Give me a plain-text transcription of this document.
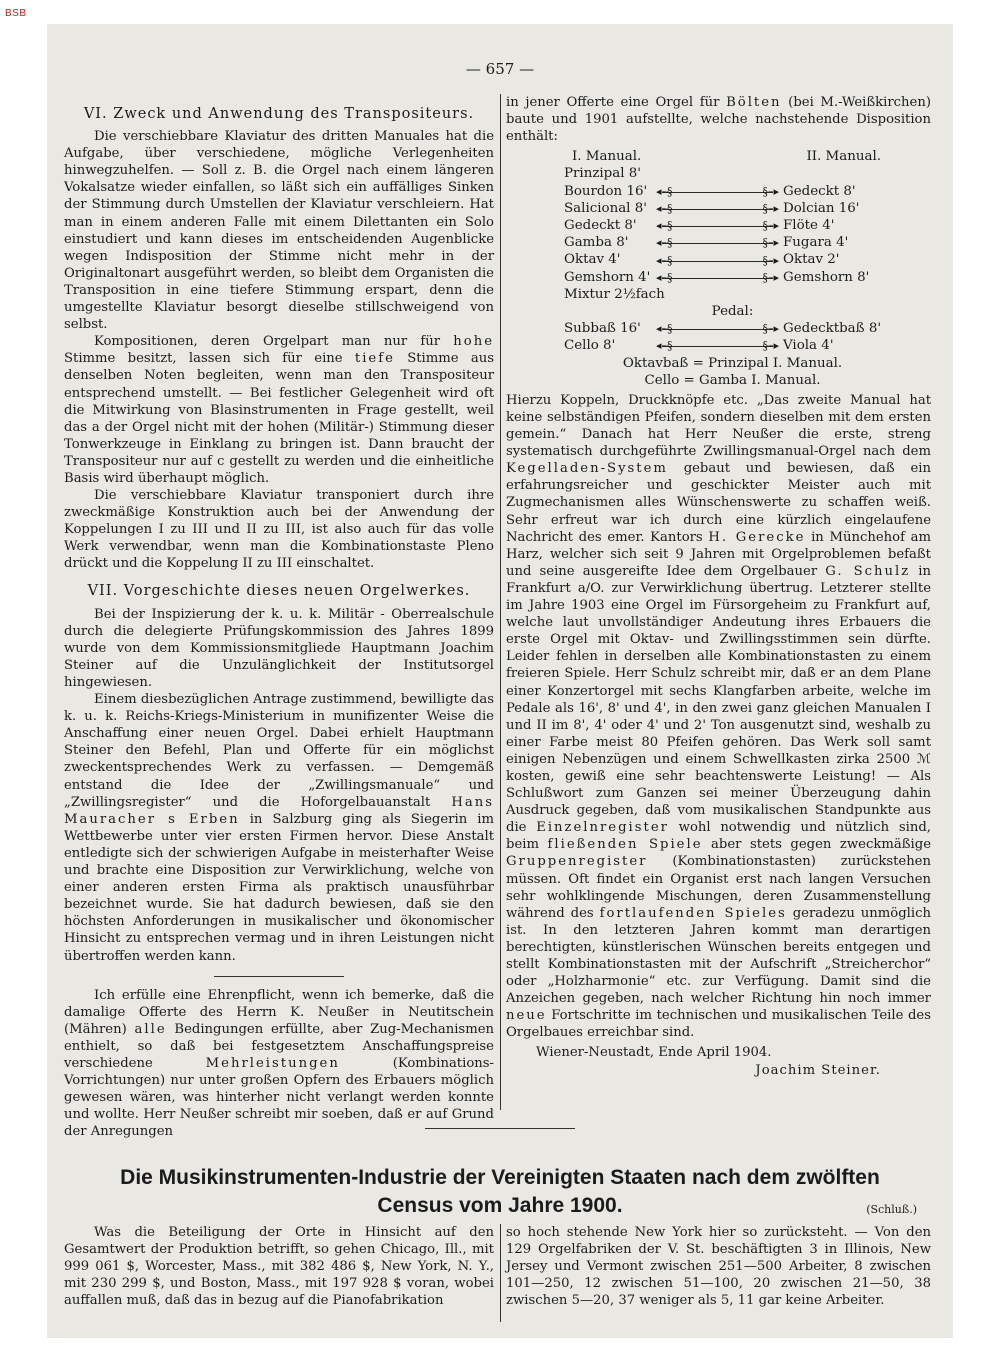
BSB
— 657 —
VI. Zweck und Anwendung des Transpositeurs.

Die verschiebbare Klaviatur des dritten Manuales hat die Aufgabe, über verschiedene, mögliche Verlegenheiten hinwegzuhelfen. — Soll z. B. die Orgel nach einem längeren Vokalsatze wieder einfallen, so läßt sich ein auffälliges Sinken der Stimmung durch Umstellen der Klaviatur verschleiern. Hat man in einem anderen Falle mit einem Dilettanten ein Solo einstudiert und kann dieses im entscheidenden Augenblicke wegen Indisposition der Stimme nicht mehr in der Originaltonart ausgeführt werden, so bleibt dem Organisten die Transposition in eine tiefere Stimmung erspart, denn die umgestellte Klaviatur besorgt dieselbe stillschweigend von selbst.

Kompositionen, deren Orgelpart man nur für hohe Stimme besitzt, lassen sich für eine tiefe Stimme aus denselben Noten begleiten, wenn man den Transpositeur entsprechend umstellt. — Bei festlicher Gelegenheit wird oft die Mitwirkung von Blasinstrumenten in Frage gestellt, weil das a der Orgel nicht mit der hohen (Militär-) Stimmung dieser Tonwerkzeuge in Einklang zu bringen ist. Dann braucht der Transpositeur nur auf c gestellt zu werden und die einheitliche Basis wird überhaupt möglich.

Die verschiebbare Klaviatur transponiert durch ihre zweckmäßige Konstruktion auch bei der Anwendung der Koppelungen I zu III und II zu III, ist also auch für das volle Werk verwendbar, wenn man die Kombinationstaste Pleno drückt und die Koppelung II zu III einschaltet.

VII. Vorgeschichte dieses neuen Orgelwerkes.

Bei der Inspizierung der k. u. k. Militär - Oberrealschule durch die delegierte Prüfungskommission des Jahres 1899 wurde von dem Kommissionsmitgliede Hauptmann Joachim Steiner auf die Unzulänglichkeit der Institutsorgel hingewiesen.

Einem diesbezüglichen Antrage zustimmend, bewilligte das k. u. k. Reichs-Kriegs-Ministerium in munifizenter Weise die Anschaffung einer neuen Orgel. Dabei erhielt Hauptmann Steiner den Befehl, Plan und Offerte für ein möglichst zweckentsprechendes Werk zu verfassen. — Demgemäß entstand die Idee der „Zwillingsmanuale“ und „Zwillingsregister“ und die Hoforgelbauanstalt Hans Mauracher s Erben in Salzburg ging als Siegerin im Wettbewerbe unter vier ersten Firmen hervor. Diese Anstalt entledigte sich der schwierigen Aufgabe in meisterhafter Weise und brachte eine Disposition zur Verwirklichung, welche von einer anderen ersten Firma als praktisch unausführbar bezeichnet wurde. Sie hat dadurch bewiesen, daß sie den höchsten Anforderungen in musikalischer und ökonomischer Hinsicht zu entsprechen vermag und in ihren Leistungen nicht übertroffen werden kann.

Ich erfülle eine Ehrenpflicht, wenn ich bemerke, daß die damalige Offerte des Herrn K. Neußer in Neutitschein (Mähren) alle Bedingungen erfüllte, aber Zug-Mechanismen enthielt, so daß bei festgesetztem Anschaffungspreise verschiedene	Mehrleistungen	(Kombinations-Vorrichtungen) nur unter großen Opfern des Erbauers möglich gewesen wären, was hinterher nicht verlangt werden konnte und wollte. Herr Neußer schreibt mir soeben, daß er auf Grund der Anregungen

in jener Offerte eine Orgel für Bölten (bei M.-Weißkirchen) baute und 1901 aufstellte, welche nachstehende Disposition enthält:

I. Manual.	II. Manual.
Prinzipal 8'
Bourdon 16' ◂–§	§–▸ Gedeckt 8'
Salicional 8' ◂–§	§–▸ Dolcian 16'
Gedeckt 8'	◂–§	§–▸ Flöte 4'
Gamba 8'	◂–§	§–▸ Fugara 4'
Oktav 4'	◂–§	§–▸ Oktav 2'
Gemshorn 4' ◂–§	§–▸ Gemshorn 8'
Mixtur 2½fach
Pedal:
Subbaß 16'	◂–§	§–▸ Gedecktbaß 8'
Cello 8'	◂–§	§–▸ Viola 4'
Oktavbaß = Prinzipal I. Manual.
Cello = Gamba I. Manual.

Hierzu Koppeln, Druckknöpfe etc. „Das zweite Manual hat keine selbständigen Pfeifen, sondern dieselben mit dem ersten gemein.“ Danach hat Herr Neußer die erste, streng systematisch durchgeführte Zwillingsmanual-Orgel nach dem Kegelladen-System gebaut und bewiesen, daß ein erfahrungsreicher und geschickter Meister auch mit Zugmechanismen alles Wünschenswerte zu schaffen weiß. Sehr erfreut war ich durch eine kürzlich eingelaufene Nachricht des emer. Kantors H. Gerecke in Münchehof am Harz, welcher sich seit 9 Jahren mit Orgelproblemen befaßt und seine ausgereifte Idee dem Orgelbauer G. Schulz in Frankfurt a/O. zur Verwirklichung übertrug. Letzterer stellte im Jahre 1903 eine Orgel im Fürsorgeheim zu Frankfurt auf, welche laut unvollständiger Andeutung ihres Erbauers die erste Orgel mit Oktav- und Zwillingsstimmen sein dürfte. Leider fehlen in derselben alle Kombinationstasten zu einem freieren Spiele. Herr Schulz schreibt mir, daß er an dem Plane einer Konzertorgel mit sechs Klangfarben arbeite, welche im Pedale als 16', 8' und 4', in den zwei ganz gleichen Manualen I und II im 8', 4' oder 4' und 2' Ton ausgenutzt sind, weshalb zu einer Farbe meist 80 Pfeifen gehören. Das Werk soll samt einigen Nebenzügen und einem Schwellkasten zirka 2500 ℳ kosten, gewiß eine sehr beachtenswerte Leistung! — Als Schlußwort zum Ganzen sei meiner Überzeugung dahin Ausdruck gegeben, daß vom musikalischen Standpunkte aus die Einzelnregister wohl notwendig und nützlich sind, beim fließenden Spiele aber stets gegen zweckmäßige Gruppenregister (Kombinationstasten) zurückstehen müssen. Oft findet ein Organist erst nach langen Versuchen sehr wohlklingende Mischungen, deren Zusammenstellung während des fortlaufenden Spieles geradezu unmöglich ist. In den letzteren Jahren kommt man derartigen berechtigten, künstlerischen Wünschen bereits entgegen und stellt Kombinationstasten mit der Aufschrift „Streicherchor“ oder „Holzharmonie“ etc. zur Verfügung. Damit sind die Anzeichen gegeben, nach welcher Richtung hin noch immer neue Fortschritte im technischen und musikalischen Teile des Orgelbaues erreichbar sind.

Wiener-Neustadt, Ende April 1904.

Joachim Steiner.

Die Musikinstrumenten-Industrie der Vereinigten Staaten nach dem zwölften
Census vom Jahre 1900.	(Schluß.)

Was die Beteiligung der Orte in Hinsicht auf den Gesamtwert der Produktion betrifft, so gehen Chicago, Ill., mit 999 061 $, Worcester, Mass., mit 382 486 $, New York, N. Y., mit 230 299 $, und Boston, Mass., mit 197 928 $ voran, wobei auffallen muß, daß das in bezug auf die Pianofabrikation

so hoch stehende New York hier so zurücksteht. — Von den 129 Orgelfabriken der V. St. beschäftigten 3 in Illinois, New Jersey und Vermont zwischen 251—500 Arbeiter, 8 zwischen 101—250, 12 zwischen 51—100, 20 zwischen 21—50, 38 zwischen 5—20, 37 weniger als 5, 11 gar keine Arbeiter.
